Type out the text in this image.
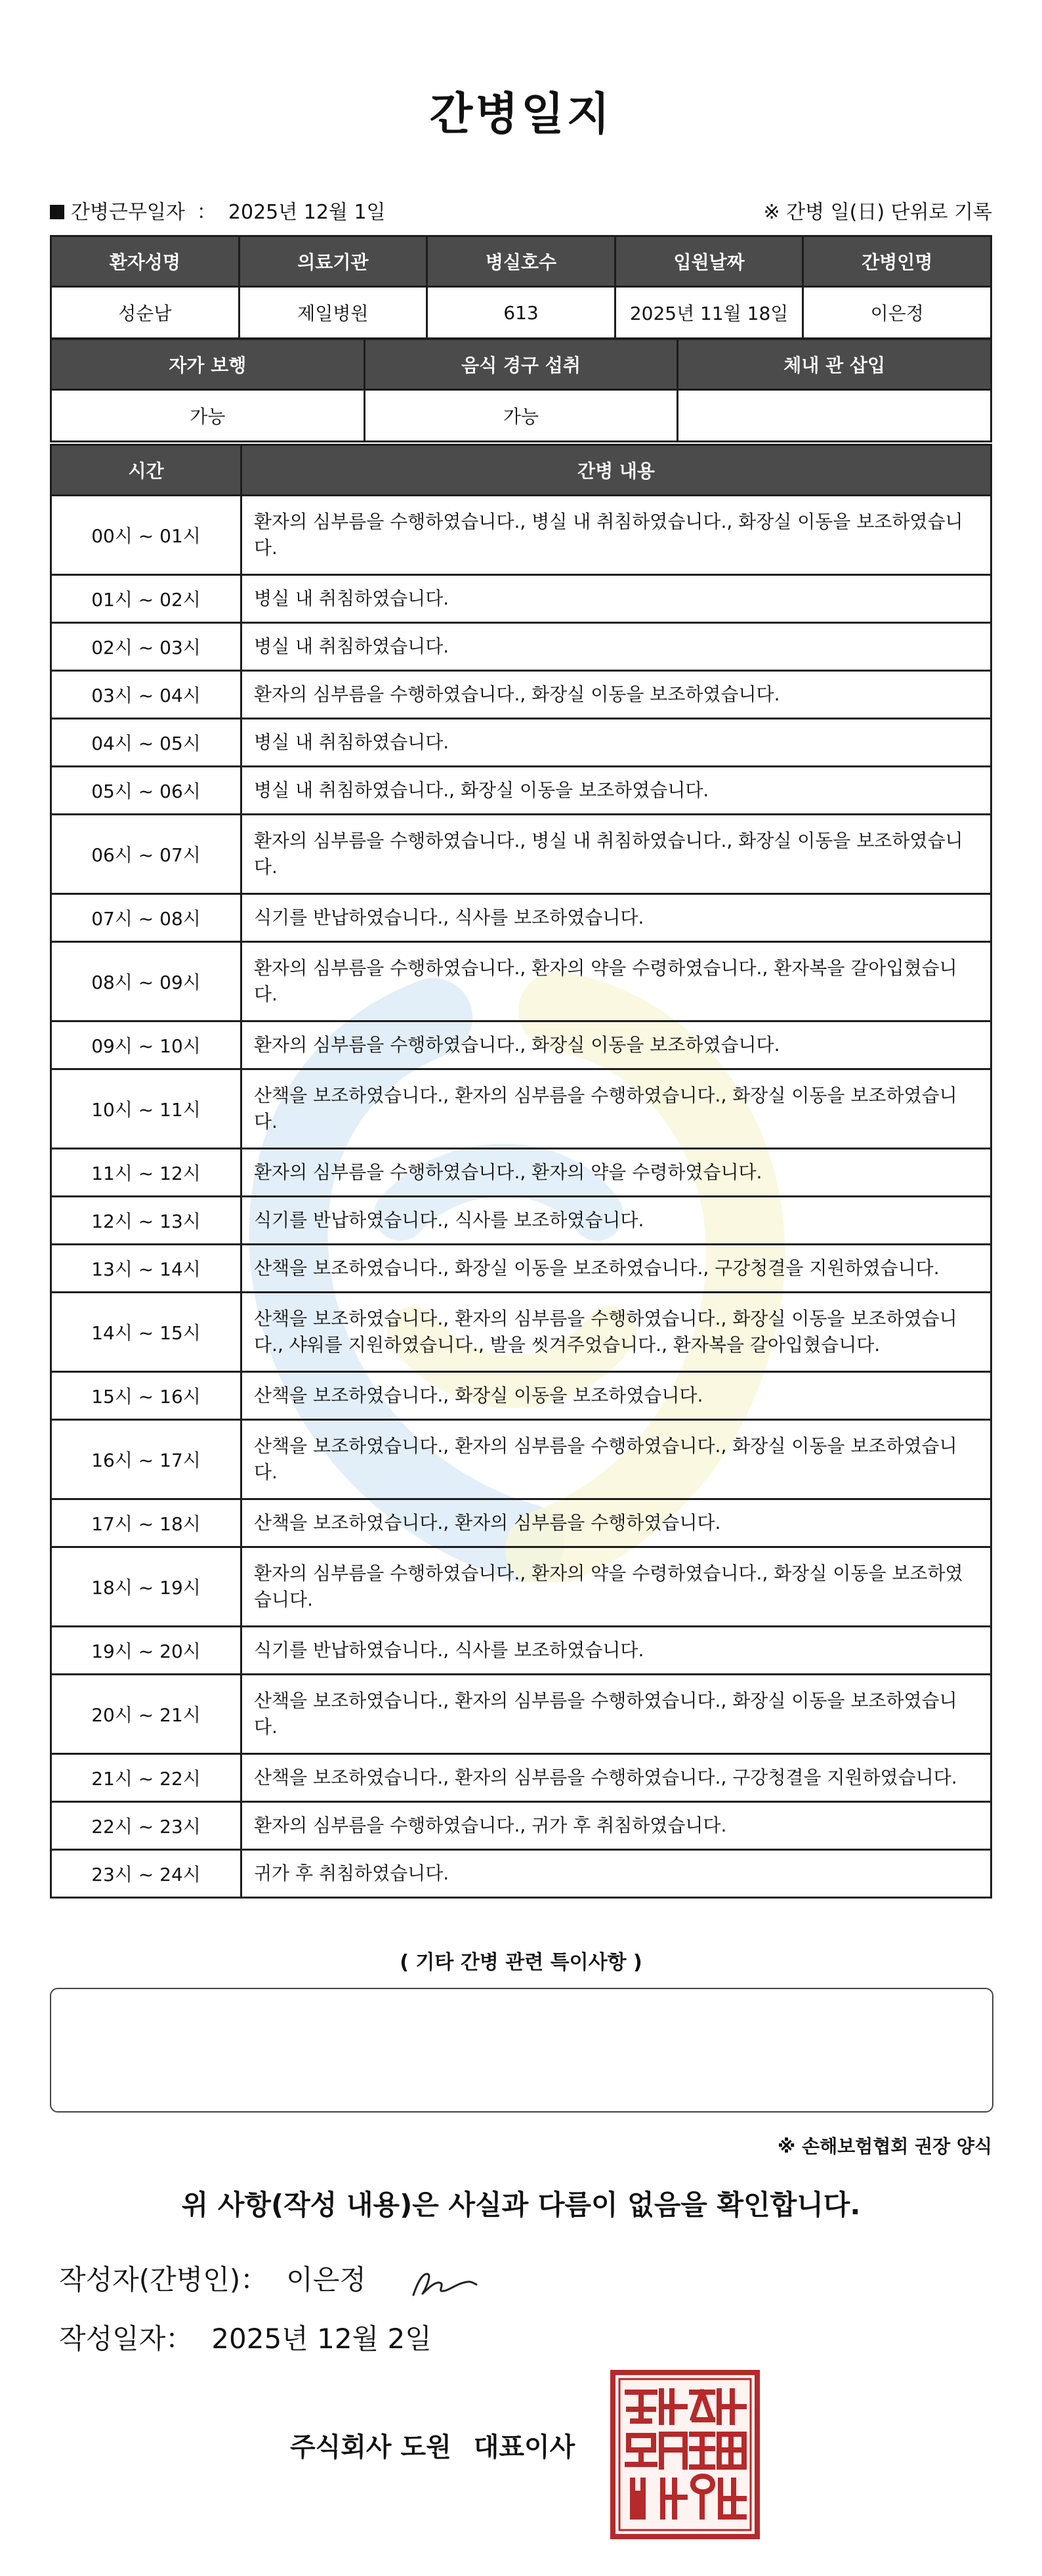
간병일지
간병근무일자 ： 2025년 12월 1일	※ 간병 일(日) 단위로 기록
환자성명	의료기관	병실호수	입원날짜	간병인명
성순남	제일병원	613	2025년 11월 18일	이은정
자가 보행	음식 경구 섭취	체내 관 삽입
가능	가능	
시간	간병 내용
00시 ~ 01시	환자의 심부름을 수행하였습니다., 병실 내 취침하였습니다., 화장실 이동을 보조하였습니다.
01시 ~ 02시	병실 내 취침하였습니다.
02시 ~ 03시	병실 내 취침하였습니다.
03시 ~ 04시	환자의 심부름을 수행하였습니다., 화장실 이동을 보조하였습니다.
04시 ~ 05시	병실 내 취침하였습니다.
05시 ~ 06시	병실 내 취침하였습니다., 화장실 이동을 보조하였습니다.
06시 ~ 07시	환자의 심부름을 수행하였습니다., 병실 내 취침하였습니다., 화장실 이동을 보조하였습니다.
07시 ~ 08시	식기를 반납하였습니다., 식사를 보조하였습니다.
08시 ~ 09시	환자의 심부름을 수행하였습니다., 환자의 약을 수령하였습니다., 환자복을 갈아입혔습니다.
09시 ~ 10시	환자의 심부름을 수행하였습니다., 화장실 이동을 보조하였습니다.
10시 ~ 11시	산책을 보조하였습니다., 환자의 심부름을 수행하였습니다., 화장실 이동을 보조하였습니다.
11시 ~ 12시	환자의 심부름을 수행하였습니다., 환자의 약을 수령하였습니다.
12시 ~ 13시	식기를 반납하였습니다., 식사를 보조하였습니다.
13시 ~ 14시	산책을 보조하였습니다., 화장실 이동을 보조하였습니다., 구강청결을 지원하였습니다.
14시 ~ 15시	산책을 보조하였습니다., 환자의 심부름을 수행하였습니다., 화장실 이동을 보조하였습니다., 샤워를 지원하였습니다., 발을 씻겨주었습니다., 환자복을 갈아입혔습니다.
15시 ~ 16시	산책을 보조하였습니다., 화장실 이동을 보조하였습니다.
16시 ~ 17시	산책을 보조하였습니다., 환자의 심부름을 수행하였습니다., 화장실 이동을 보조하였습니다.
17시 ~ 18시	산책을 보조하였습니다., 환자의 심부름을 수행하였습니다.
18시 ~ 19시	환자의 심부름을 수행하였습니다., 환자의 약을 수령하였습니다., 화장실 이동을 보조하였습니다.
19시 ~ 20시	식기를 반납하였습니다., 식사를 보조하였습니다.
20시 ~ 21시	산책을 보조하였습니다., 환자의 심부름을 수행하였습니다., 화장실 이동을 보조하였습니다.
21시 ~ 22시	산책을 보조하였습니다., 환자의 심부름을 수행하였습니다., 구강청결을 지원하였습니다.
22시 ~ 23시	환자의 심부름을 수행하였습니다., 귀가 후 취침하였습니다.
23시 ~ 24시	귀가 후 취침하였습니다.
( 기타 간병 관련 특이사항 )
※ 손해보험협회 권장 양식
위 사항(작성 내용)은 사실과 다름이 없음을 확인합니다.
작성자(간병인)： 이은정
작성일자： 2025년 12월 2일
주식회사 도원 대표이사
